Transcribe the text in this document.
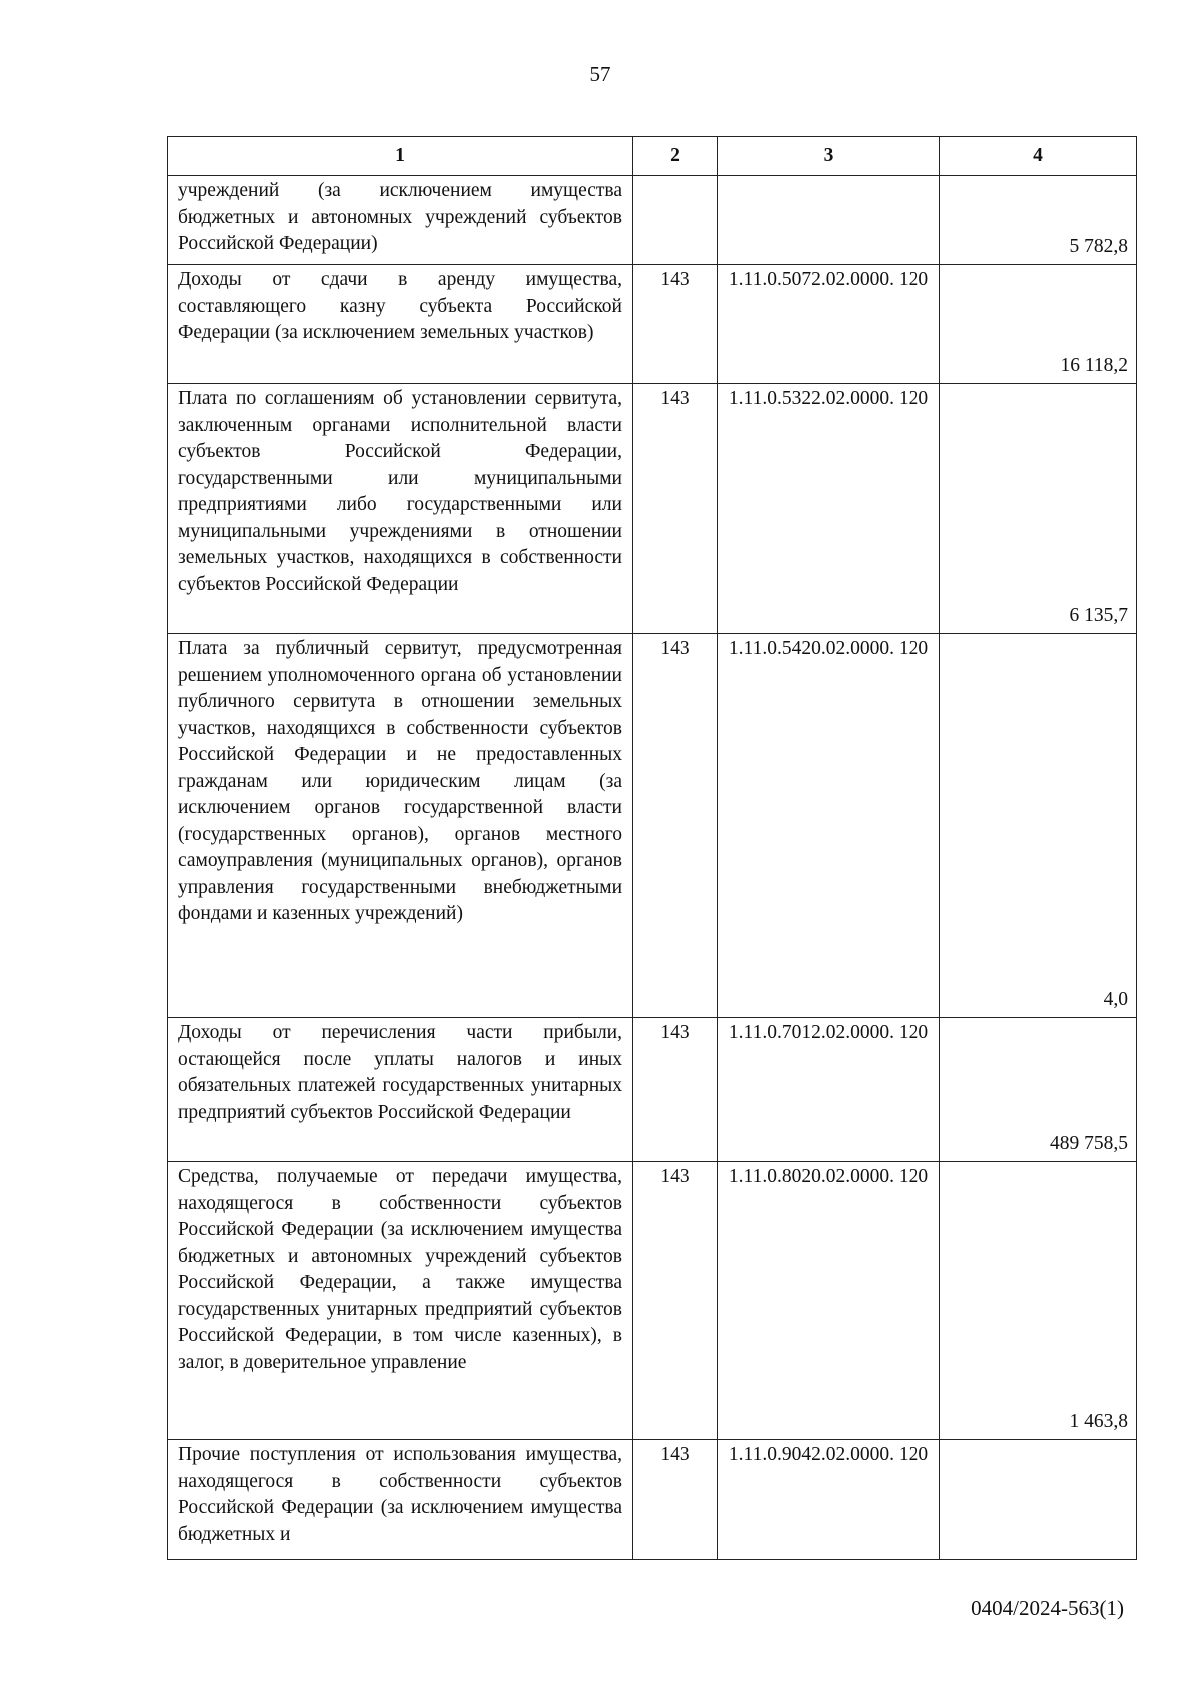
57
1	2	3	4
учреждений (за исключением имущества бюджетных и автономных учреждений субъектов Российской Федерации)			5 782,8
Доходы от сдачи в аренду имущества, составляющего казну субъекта Российской Федерации (за исключением земельных участков)	143	1.11.0.5072.02.0000. 120	16 118,2
Плата по соглашениям об установлении сервитута, заключенным органами исполнительной власти субъектов Российской Федерации, государственными или муниципальными предприятиями либо государственными или муниципальными учреждениями в отношении земельных участков, находящихся в собственности субъектов Российской Федерации	143	1.11.0.5322.02.0000. 120	6 135,7
Плата за публичный сервитут, предусмотренная решением уполномоченного органа об установлении публичного сервитута в отношении земельных участков, находящихся в собственности субъектов Российской Федерации и не предоставленных гражданам или юридическим лицам (за исключением органов государственной власти (государственных органов), органов местного самоуправления (муниципальных органов), органов управления государственными внебюджетными фондами и казенных учреждений)	143	1.11.0.5420.02.0000. 120	4,0
Доходы от перечисления части прибыли, остающейся после уплаты налогов и иных обязательных платежей государственных унитарных предприятий субъектов Российской Федерации	143	1.11.0.7012.02.0000. 120	489 758,5
Средства, получаемые от передачи имущества, находящегося в собственности субъектов Российской Федерации (за исключением имущества бюджетных и автономных учреждений субъектов Российской Федерации, а также имущества государственных унитарных предприятий субъектов Российской Федерации, в том числе казенных), в залог, в доверительное управление	143	1.11.0.8020.02.0000. 120	1 463,8
Прочие поступления от использования имущества, находящегося в собственности субъектов Российской Федерации (за исключением имущества бюджетных и	143	1.11.0.9042.02.0000. 120	
0404/2024-563(1)
